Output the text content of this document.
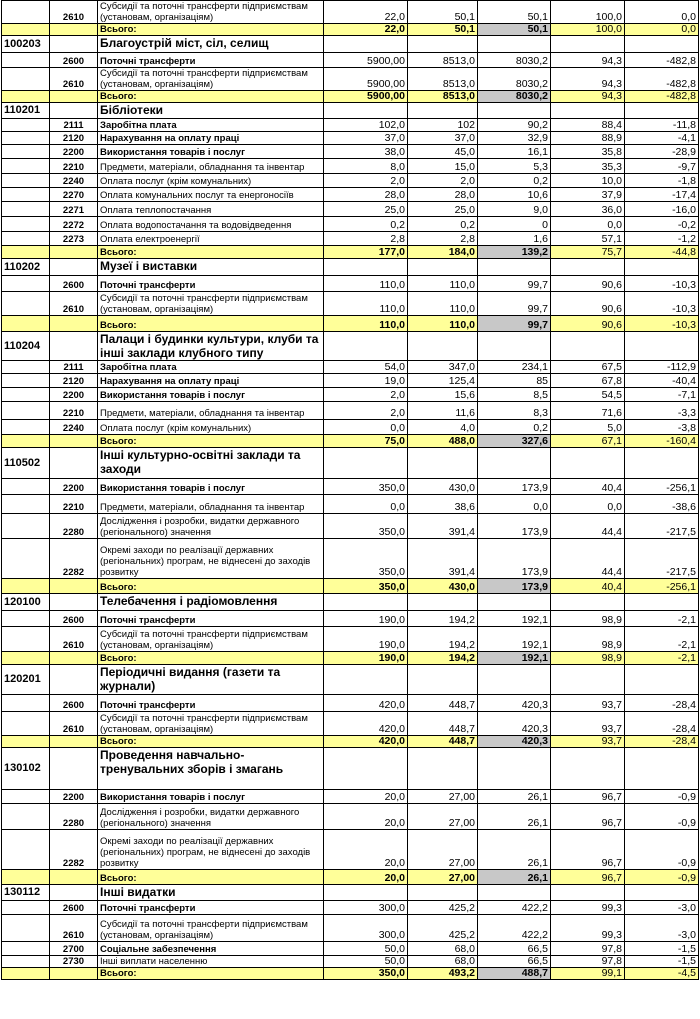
	2610	Субсидії та поточні трансферти підприємствам (установам, організаціям)	22,0	50,1	50,1	100,0	0,0
		Всього:	22,0	50,1	50,1	100,0	0,0
100203		Благоустрій міст, сіл, селищ					
	2600	Поточні трансферти	5900,00	8513,0	8030,2	94,3	-482,8
	2610	Субсидії та поточні трансферти підприємствам (установам, організаціям)	5900,00	8513,0	8030,2	94,3	-482,8
		Всього:	5900,00	8513,0	8030,2	94,3	-482,8
110201		Бібліотеки					
	2111	Заробітна плата	102,0	102	90,2	88,4	-11,8
	2120	Нарахування на оплату праці	37,0	37,0	32,9	88,9	-4,1
	2200	Використання товарів і послуг	38,0	45,0	16,1	35,8	-28,9
	2210	Предмети, матеріали, обладнання та інвентар	8,0	15,0	5,3	35,3	-9,7
	2240	Оплата послуг (крім комунальних)	2,0	2,0	0,2	10,0	-1,8
	2270	Оплата комунальних послуг та енергоносіїв	28,0	28,0	10,6	37,9	-17,4
	2271	Оплата теплопостачання	25,0	25,0	9,0	36,0	-16,0
	2272	Оплата водопостачання та водовідведення	0,2	0,2	0	0,0	-0,2
	2273	Оплата електроенергії	2,8	2,8	1,6	57,1	-1,2
		Всього:	177,0	184,0	139,2	75,7	-44,8
110202		Музеї і виставки					
	2600	Поточні трансферти	110,0	110,0	99,7	90,6	-10,3
	2610	Субсидії та поточні трансферти підприємствам (установам, організаціям)	110,0	110,0	99,7	90,6	-10,3
		Всього:	110,0	110,0	99,7	90,6	-10,3
110204		Палаци і будинки культури, клуби та інші заклади клубного типу					
	2111	Заробітна плата	54,0	347,0	234,1	67,5	-112,9
	2120	Нарахування на оплату праці	19,0	125,4	85	67,8	-40,4
	2200	Використання товарів і послуг	2,0	15,6	8,5	54,5	-7,1
	2210	Предмети, матеріали, обладнання та інвентар	2,0	11,6	8,3	71,6	-3,3
	2240	Оплата послуг (крім комунальних)	0,0	4,0	0,2	5,0	-3,8
		Всього:	75,0	488,0	327,6	67,1	-160,4
110502		Інші культурно-освітні заклади та заходи					
	2200	Використання товарів і послуг	350,0	430,0	173,9	40,4	-256,1
	2210	Предмети, матеріали, обладнання та інвентар	0,0	38,6	0,0	0,0	-38,6
	2280	Дослідження і розробки, видатки державного (регіонального) значення	350,0	391,4	173,9	44,4	-217,5
	2282	Окремі заходи по реалізації державних (регіональних) програм, не віднесені до заходів розвитку	350,0	391,4	173,9	44,4	-217,5
		Всього:	350,0	430,0	173,9	40,4	-256,1
120100		Телебачення і радіомовлення					
	2600	Поточні трансферти	190,0	194,2	192,1	98,9	-2,1
	2610	Субсидії та поточні трансферти підприємствам (установам, організаціям)	190,0	194,2	192,1	98,9	-2,1
		Всього:	190,0	194,2	192,1	98,9	-2,1
120201		Періодичні видання (газети та журнали)					
	2600	Поточні трансферти	420,0	448,7	420,3	93,7	-28,4
	2610	Субсидії та поточні трансферти підприємствам (установам, організаціям)	420,0	448,7	420,3	93,7	-28,4
		Всього:	420,0	448,7	420,3	93,7	-28,4
130102		Проведення навчально-тренувальних зборів і змагань					
	2200	Використання товарів і послуг	20,0	27,00	26,1	96,7	-0,9
	2280	Дослідження і розробки, видатки державного (регіонального) значення	20,0	27,00	26,1	96,7	-0,9
	2282	Окремі заходи по реалізації державних (регіональних) програм, не віднесені до заходів розвитку	20,0	27,00	26,1	96,7	-0,9
		Всього:	20,0	27,00	26,1	96,7	-0,9
130112		Інші видатки					
	2600	Поточні трансферти	300,0	425,2	422,2	99,3	-3,0
	2610	Субсидії та поточні трансферти підприємствам (установам, організаціям)	300,0	425,2	422,2	99,3	-3,0
	2700	Соціальне забезпечення	50,0	68,0	66,5	97,8	-1,5
	2730	Інші виплати населенню	50,0	68,0	66,5	97,8	-1,5
		Всього:	350,0	493,2	488,7	99,1	-4,5
